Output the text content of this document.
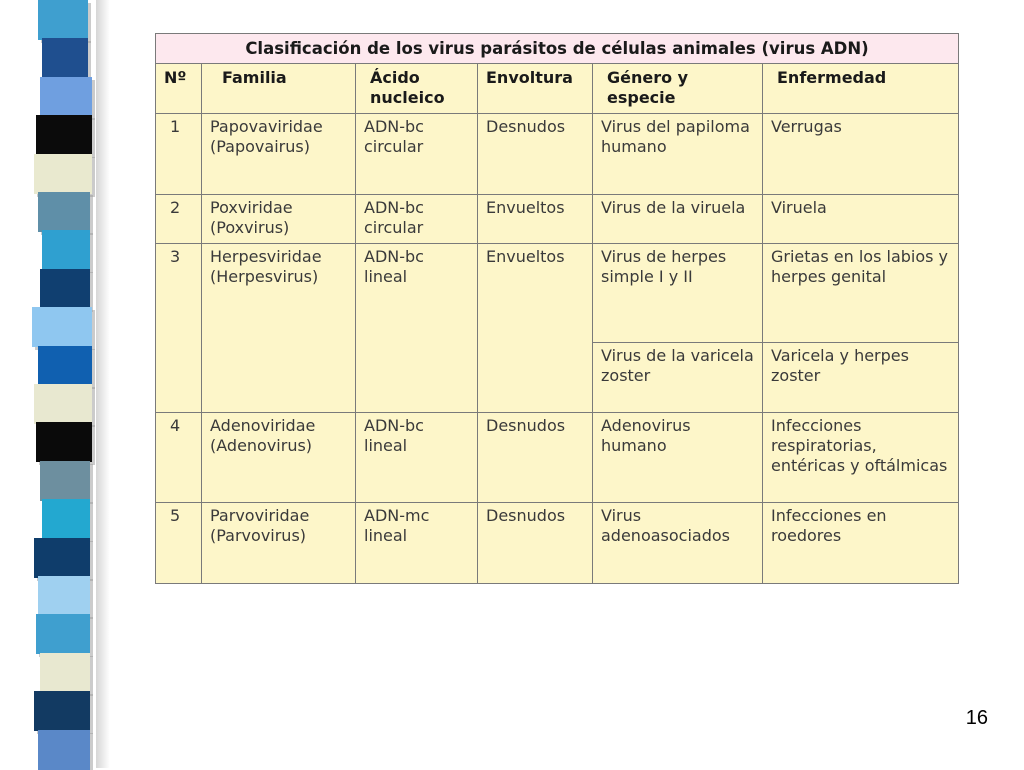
Clasificación de los virus parásitos de células animales (virus ADN)					
Nº	Familia	Ácido nucleico	Envoltura	Género y especie	Enfermedad
1	Papovaviridae (Papovairus)	ADN-bc circular	Desnudos	Virus del papiloma humano	Verrugas
2	Poxviridae (Poxvirus)	ADN-bc circular	Envueltos	Virus de la viruela	Viruela
3	Herpesviridae (Herpesvirus)	ADN-bc lineal	Envueltos	Virus de herpes simple I y II	Grietas en los labios y herpes genital
				Virus de la varicela zoster	Varicela y herpes zoster
4	Adenoviridae (Adenovirus)	ADN-bc lineal	Desnudos	Adenovirus humano	Infecciones respiratorias, entéricas y oftálmicas
5	Parvoviridae (Parvovirus)	ADN-mc lineal	Desnudos	Virus adenoasociados	Infecciones en roedores
16
